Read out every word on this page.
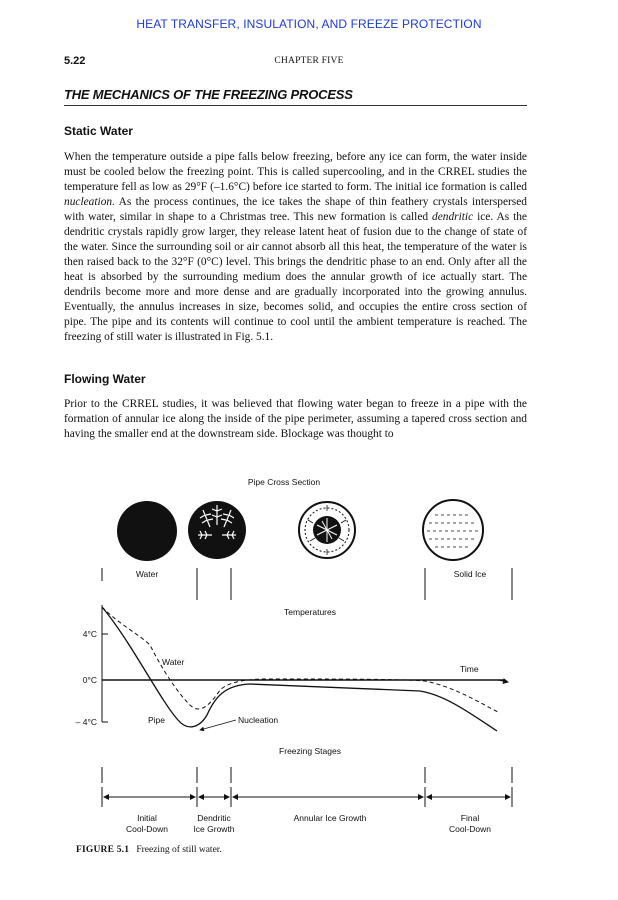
HEAT TRANSFER, INSULATION, AND FREEZE PROTECTION
5.22	CHAPTER FIVE
THE MECHANICS OF THE FREEZING PROCESS
Static Water

When the temperature outside a pipe falls below freezing, before any ice can form, the water inside must be cooled below the freezing point. This is called supercooling, and in the CRREL studies the temperature fell as low as 29°F (–1.6°C) before ice started to form. The initial ice formation is called nucleation. As the process continues, the ice takes the shape of thin feathery crystals interspersed with water, similar in shape to a Christmas tree. This new formation is called dendritic ice. As the dendritic crystals rapidly grow larger, they release latent heat of fusion due to the change of state of the water. Since the surrounding soil or air cannot absorb all this heat, the temperature of the water is then raised back to the 32°F (0°C) level. This brings the dendritic phase to an end. Only after all the heat is absorbed by the surrounding medium does the annular growth of ice actually start. The dendrils become more and more dense and are gradually incorporated into the growing annulus. Eventually, the annulus increases in size, becomes solid, and occupies the entire cross section of pipe. The pipe and its contents will continue to cool until the ambient temperature is reached. The freezing of still water is illustrated in Fig. 5.1.

Flowing Water

Prior to the CRREL studies, it was believed that flowing water began to freeze in a pipe with the formation of annular ice along the inside of the pipe perimeter, assuming a tapered cross section and having the smaller end at the downstream side. Blockage was thought to

Pipe Cross Section
Water	Solid Ice
Temperatures
4°C
0°C
– 4°C
Water
Pipe	Nucleation
Time
Freezing Stages
Initial
Cool-Down
Dendritic
Ice Growth
Annular Ice Growth	Final
Cool-Down
FIGURE 5.1 Freezing of still water.
